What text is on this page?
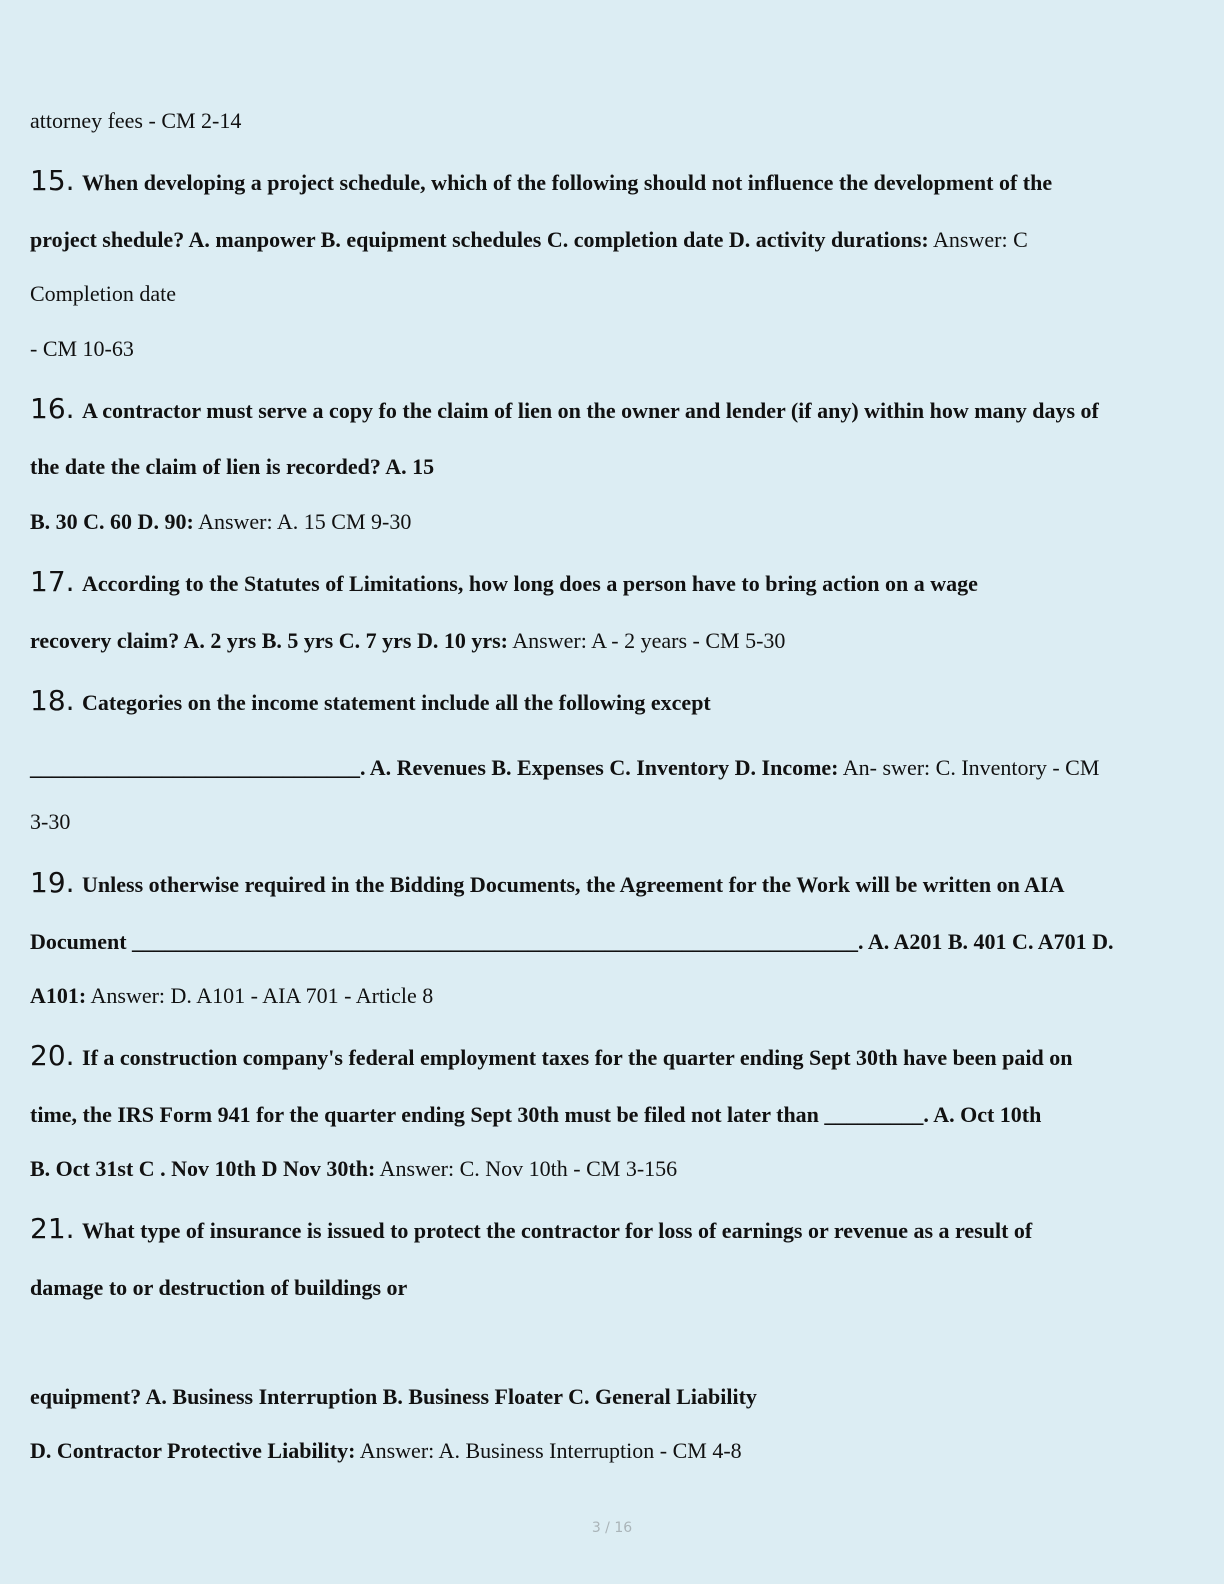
attorney fees - CM 2-14
15. When developing a project schedule, which of the following should not influence the development of the
project shedule? A. manpower B. equipment schedules C. completion date D. activity durations: Answer: C
Completion date
- CM 10-63
16. A contractor must serve a copy fo the claim of lien on the owner and lender (if any) within how many days of
the date the claim of lien is recorded? A. 15
B. 30 C. 60 D. 90: Answer: A. 15 CM 9-30
17. According to the Statutes of Limitations, how long does a person have to bring action on a wage
recovery claim? A. 2 yrs B. 5 yrs C. 7 yrs D. 10 yrs: Answer: A - 2 years - CM 5-30
18. Categories on the income statement include all the following except
______________________________. A. Revenues B. Expenses C. Inventory D. Income: An- swer: C. Inventory - CM
3-30
19. Unless otherwise required in the Bidding Documents, the Agreement for the Work will be written on AIA
Document __________________________________________________________________. A. A201 B. 401 C. A701 D.
A101: Answer: D. A101 - AIA 701 - Article 8
20. If a construction company's federal employment taxes for the quarter ending Sept 30th have been paid on
time, the IRS Form 941 for the quarter ending Sept 30th must be filed not later than _________. A. Oct 10th
B. Oct 31st C . Nov 10th D Nov 30th: Answer: C. Nov 10th - CM 3-156
21. What type of insurance is issued to protect the contractor for loss of earnings or revenue as a result of
damage to or destruction of buildings or
equipment? A. Business Interruption B. Business Floater C. General Liability
D. Contractor Protective Liability: Answer: A. Business Interruption - CM 4-8
3 / 16
